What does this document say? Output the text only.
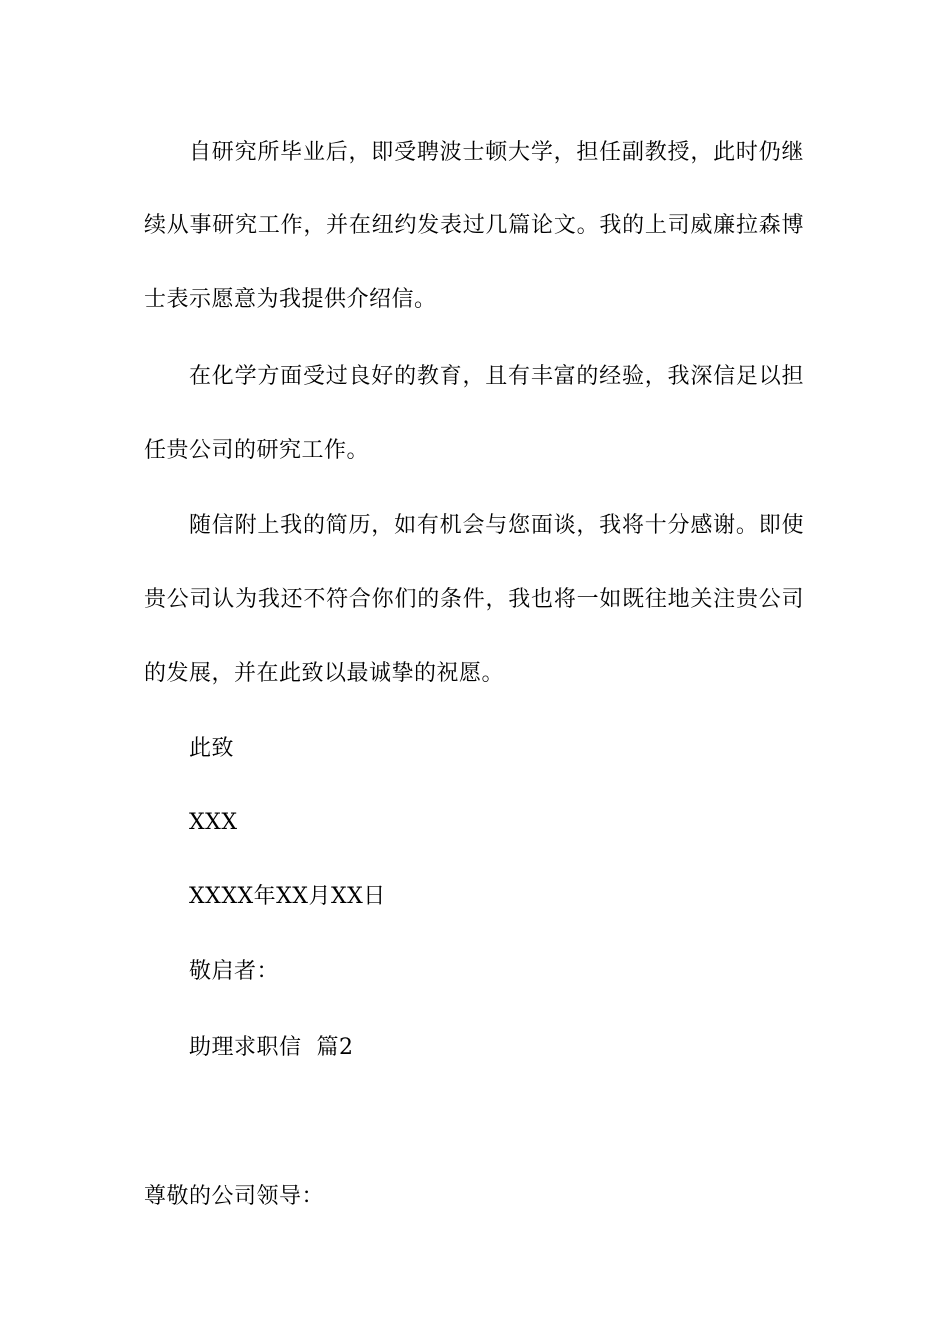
自研究所毕业后，即受聘波士顿大学，担任副教授，此时仍继
续从事研究工作，并在纽约发表过几篇论文。我的上司威廉拉森博
士表示愿意为我提供介绍信。
在化学方面受过良好的教育，且有丰富的经验，我深信足以担
任贵公司的研究工作。
随信附上我的简历，如有机会与您面谈，我将十分感谢。即使
贵公司认为我还不符合你们的条件，我也将一如既往地关注贵公司
的发展，并在此致以最诚挚的祝愿。
此致
XXX
XXXX年XX月XX日
敬启者：
助理求职信  篇2
尊敬的公司领导：
